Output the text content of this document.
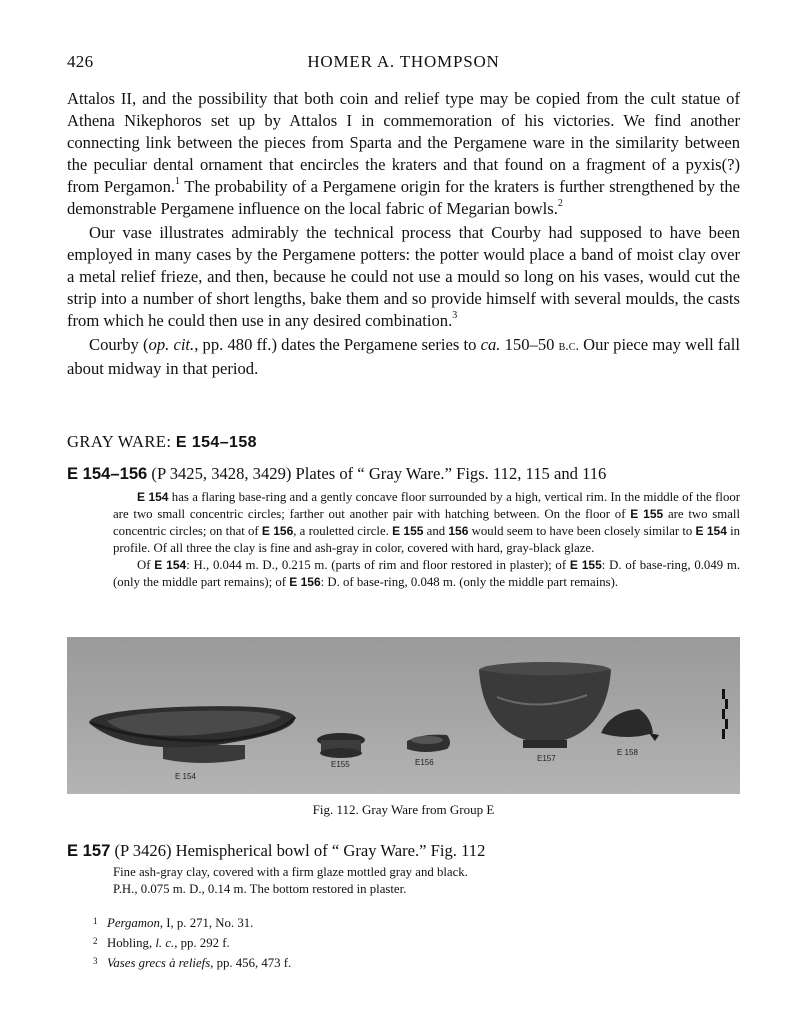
426	HOMER A. THOMPSON

Attalos II, and the possibility that both coin and relief type may be copied from the cult statue of Athena Nikephoros set up by Attalos I in commemoration of his victories. We find another connecting link between the pieces from Sparta and the Pergamene ware in the similarity between the peculiar dental ornament that encircles the kraters and that found on a fragment of a pyxis(?) from Pergamon.$^1$ The probability of a Pergamene origin for the kraters is further strengthened by the demonstrable Pergamene influence on the local fabric of Megarian bowls.$^2$

Our vase illustrates admirably the technical process that Courby had supposed to have been employed in many cases by the Pergamene potters: the potter would place a band of moist clay over a metal relief frieze, and then, because he could not use a mould so long on his vases, would cut the strip into a number of short lengths, bake them and so provide himself with several moulds, the casts from which he could then use in any desired combination.$^3$

Courby (op. cit., pp. 480 ff.) dates the Pergamene series to ca. 150–50 b.c. Our piece may well fall about midway in that period.

GRAY WARE: E 154–158
E 154–156 (P 3425, 3428, 3429) Plates of “ Gray Ware.” Figs. 112, 115 and 116

E 154 has a flaring base-ring and a gently concave floor surrounded by a high, vertical rim. In the middle of the floor are two small concentric circles; farther out another pair with hatching between. On the floor of E 155 are two small concentric circles; on that of E 156, a rouletted circle. E 155 and 156 would seem to have been closely similar to E 154 in profile. Of all three the clay is fine and ash-gray in color, covered with hard, gray-black glaze.

Of E 154: H., 0.044 m. D., 0.215 m. (parts of rim and floor restored in plaster); of E 155: D. of base-ring, 0.049 m. (only the middle part remains); of E 156: D. of base-ring, 0.048 m. (only the middle part remains).

E 154
E155	E156	E157
E 158
Fig. 112. Gray Ware from Group E
E 157 (P 3426) Hemispherical bowl of “ Gray Ware.” Fig. 112
Fine ash-gray clay, covered with a firm glaze mottled gray and black.
P.H., 0.075 m. D., 0.14 m. The bottom restored in plaster.
1 Pergamon, I, p. 271, No. 31.
2 Hobling, l. c., pp. 292 f.
3 Vases grecs à reliefs, pp. 456, 473 f.
